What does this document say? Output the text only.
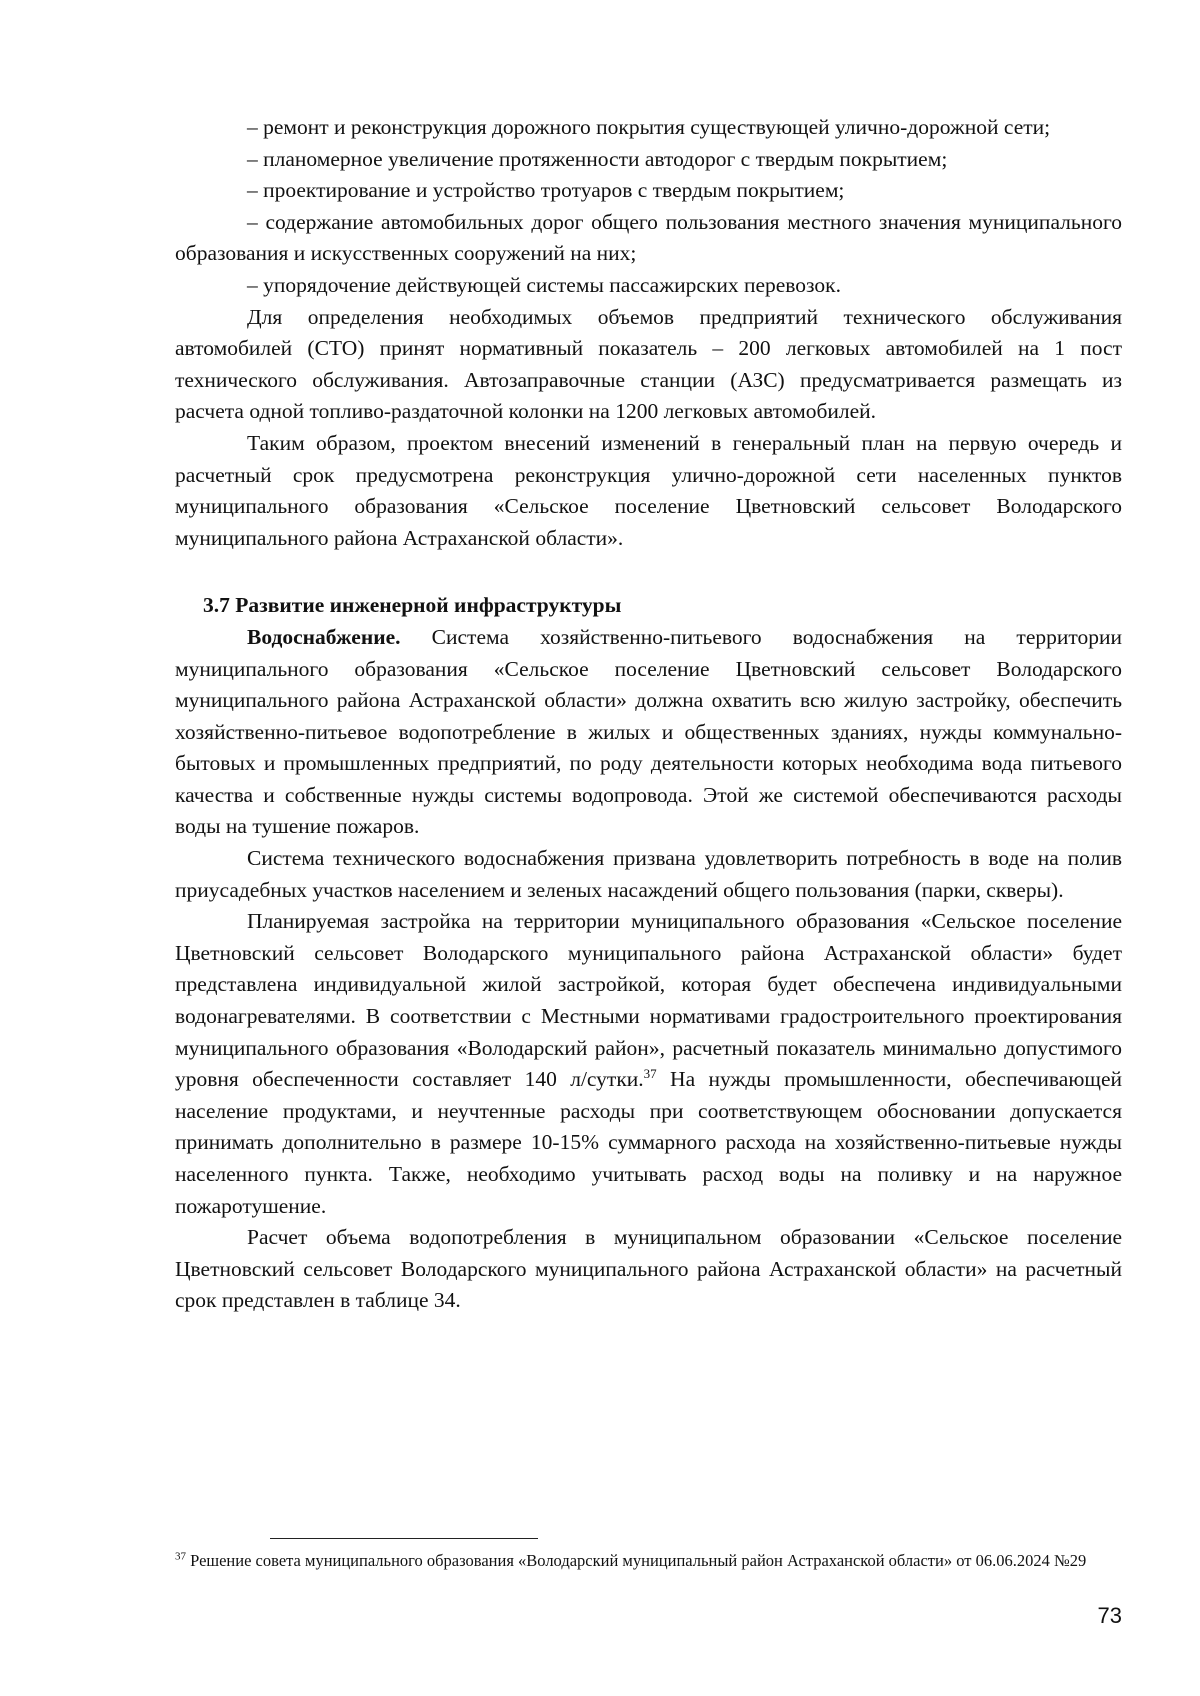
– ремонт и реконструкция дорожного покрытия существующей улично-дорожной сети;

– планомерное увеличение протяженности автодорог с твердым покрытием;

– проектирование и устройство тротуаров с твердым покрытием;

– содержание автомобильных дорог общего пользования местного значения муниципального образования и искусственных сооружений на них;

– упорядочение действующей системы пассажирских перевозок.

Для определения необходимых объемов предприятий технического обслуживания автомобилей (СТО) принят нормативный показатель – 200 легковых автомобилей на 1 пост технического обслуживания. Автозаправочные станции (АЗС) предусматривается размещать из расчета одной топливо-раздаточной колонки на 1200 легковых автомобилей.

Таким образом, проектом внесений изменений в генеральный план на первую очередь и расчетный срок предусмотрена реконструкция улично-дорожной сети населенных пунктов муниципального образования «Сельское поселение Цветновский сельсовет Володарского муниципального района Астраханской области».

3.7 Развитие инженерной инфраструктуры

Водоснабжение. Система хозяйственно-питьевого водоснабжения на территории муниципального образования «Сельское поселение Цветновский сельсовет Володарского муниципального района Астраханской области» должна охватить всю жилую застройку, обеспечить хозяйственно-питьевое водопотребление в жилых и общественных зданиях, нужды коммунально-бытовых и промышленных предприятий, по роду деятельности которых необходима вода питьевого качества и собственные нужды системы водопровода. Этой же системой обеспечиваются расходы воды на тушение пожаров.

Система технического водоснабжения призвана удовлетворить потребность в воде на полив приусадебных участков населением и зеленых насаждений общего пользования (парки, скверы).

Планируемая застройка на территории муниципального образования «Сельское поселение Цветновский сельсовет Володарского муниципального района Астраханской области» будет представлена индивидуальной жилой застройкой, которая будет обеспечена индивидуальными водонагревателями. В соответствии с Местными нормативами градостроительного проектирования муниципального образования «Володарский район», расчетный показатель минимально допустимого уровня обеспеченности составляет 140 л/сутки.$^{37}$ На нужды промышленности, обеспечивающей население продуктами, и неучтенные расходы при соответствующем обосновании допускается принимать дополнительно в размере 10-15% суммарного расхода на хозяйственно-питьевые нужды населенного пункта. Также, необходимо учитывать расход воды на поливку и на наружное пожаротушение.

Расчет объема водопотребления в муниципальном образовании «Сельское поселение Цветновский сельсовет Володарского муниципального района Астраханской области» на расчетный срок представлен в таблице 34.

$^{37}$ Решение совета муниципального образования «Володарский муниципальный район Астраханской области» от 06.06.2024 №29
73
